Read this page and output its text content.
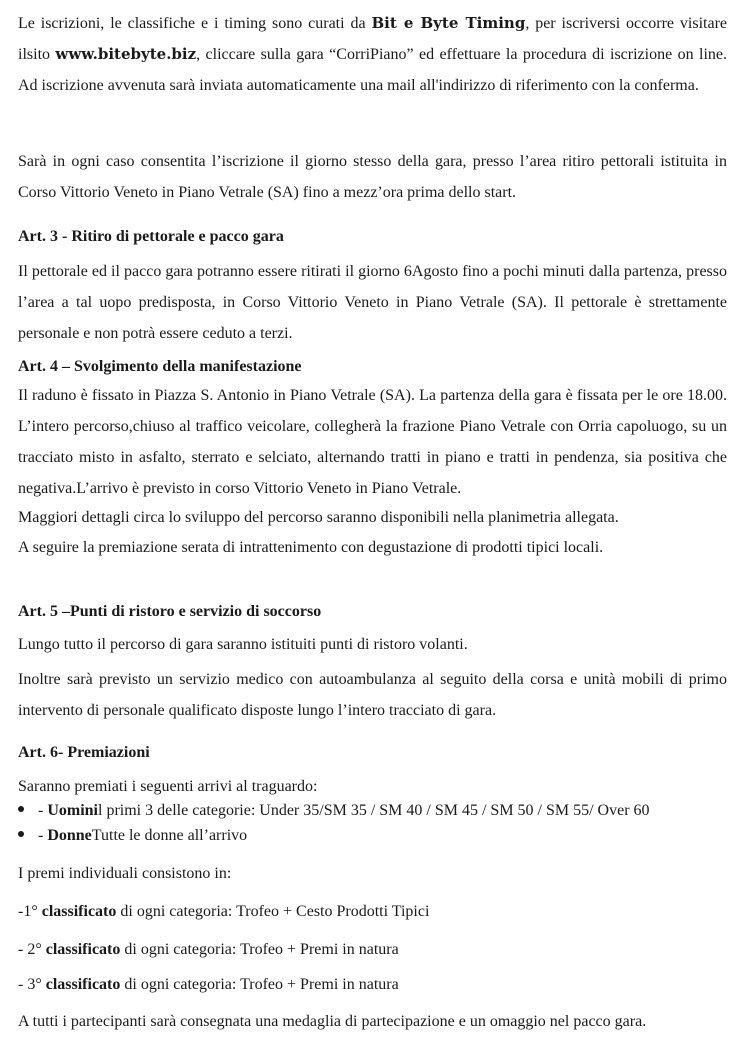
Le iscrizioni, le classifiche e i timing sono curati da Bit e Byte Timing, per iscriversi occorre visitare ilsito www.bitebyte.biz, cliccare sulla gara “CorriPiano” ed effettuare la procedura di iscrizione on line. Ad iscrizione avvenuta sarà inviata automaticamente una mail all'indirizzo di riferimento con la conferma.

Sarà in ogni caso consentita l’iscrizione il giorno stesso della gara, presso l’area ritiro pettorali istituita in Corso Vittorio Veneto in Piano Vetrale (SA) fino a mezz’ora prima dello start.

Art. 3 - Ritiro di pettorale e pacco gara

Il pettorale ed il pacco gara potranno essere ritirati il giorno 6Agosto fino a pochi minuti dalla partenza, presso l’area a tal uopo predisposta, in Corso Vittorio Veneto in Piano Vetrale (SA). Il pettorale è strettamente personale e non potrà essere ceduto a terzi.

Art. 4 – Svolgimento della manifestazione

Il raduno è fissato in Piazza S. Antonio in Piano Vetrale (SA). La partenza della gara è fissata per le ore 18.00. L’intero percorso,chiuso al traffico veicolare, collegherà la frazione Piano Vetrale con Orria capoluogo, su un tracciato misto in asfalto, sterrato e selciato, alternando tratti in piano e tratti in pendenza, sia positiva che negativa.L’arrivo è previsto in corso Vittorio Veneto in Piano Vetrale.

Maggiori dettagli circa lo sviluppo del percorso saranno disponibili nella planimetria allegata.

A seguire la premiazione serata di intrattenimento con degustazione di prodotti tipici locali.

Art. 5 –Punti di ristoro e servizio di soccorso

Lungo tutto il percorso di gara saranno istituiti punti di ristoro volanti.

Inoltre sarà previsto un servizio medico con autoambulanza al seguito della corsa e unità mobili di primo intervento di personale qualificato disposte lungo l’intero tracciato di gara.

Art. 6- Premiazioni

Saranno premiati i seguenti arrivi al traguardo:

- Uomini l primi 3 delle categorie: Under 35/SM 35 / SM 40 / SM 45 / SM 50 / SM 55/ Over 60
- Donne Tutte le donne all’arrivo

I premi individuali consistono in:

-1° classificato di ogni categoria: Trofeo + Cesto Prodotti Tipici

- 2° classificato di ogni categoria: Trofeo + Premi in natura

- 3° classificato di ogni categoria: Trofeo + Premi in natura

A tutti i partecipanti sarà consegnata una medaglia di partecipazione e un omaggio nel pacco gara.
